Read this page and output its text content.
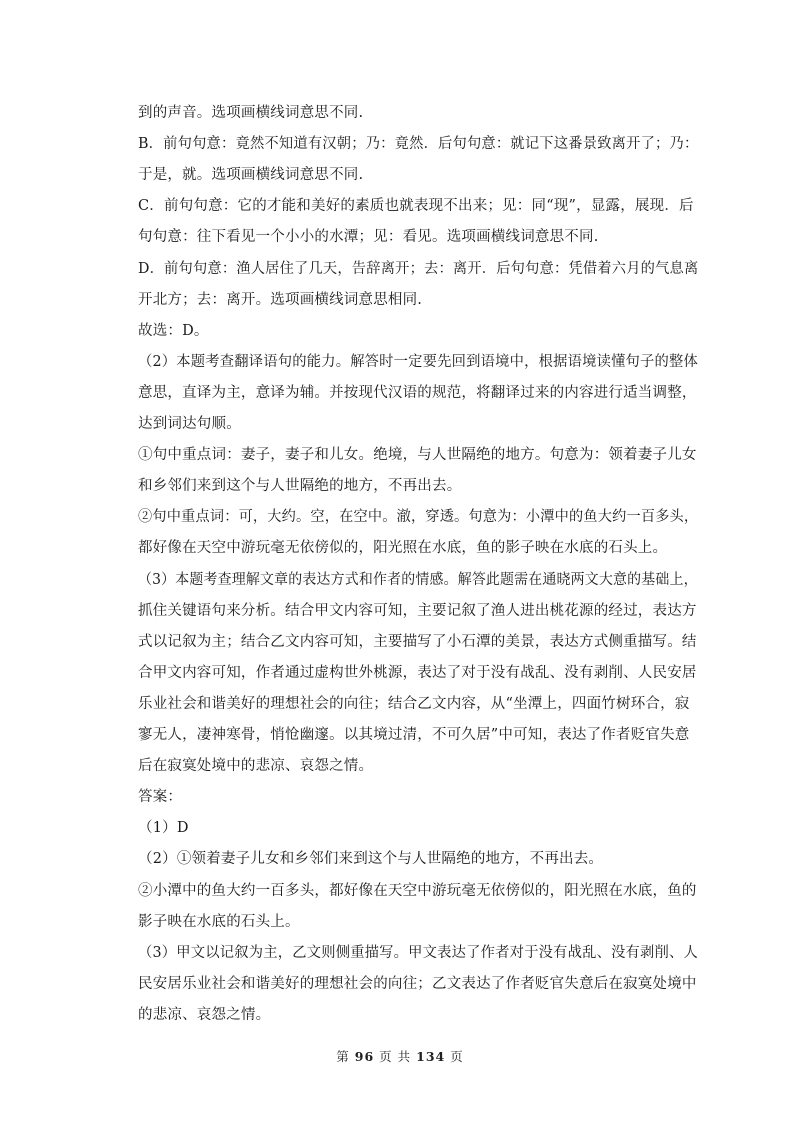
到的声音。选项画横线词意思不同.
B．前句句意：竟然不知道有汉朝；乃：竟然．后句句意：就记下这番景致离开了；乃：
于是，就。选项画横线词意思不同.
C．前句句意：它的才能和美好的素质也就表现不出来；见：同“现”，显露，展现．后
句句意：往下看见一个小小的水潭；见：看见。选项画横线词意思不同.
D．前句句意：渔人居住了几天，告辞离开；去：离开．后句句意：凭借着六月的气息离
开北方；去：离开。选项画横线词意思相同.
故选：D。
（2）本题考查翻译语句的能力。解答时一定要先回到语境中，根据语境读懂句子的整体
意思，直译为主，意译为辅。并按现代汉语的规范，将翻译过来的内容进行适当调整，
达到词达句顺。
①句中重点词：妻子，妻子和儿女。绝境，与人世隔绝的地方。句意为：领着妻子儿女
和乡邻们来到这个与人世隔绝的地方，不再出去。
②句中重点词：可，大约。空，在空中。澈，穿透。句意为：小潭中的鱼大约一百多头，
都好像在天空中游玩毫无依傍似的，阳光照在水底，鱼的影子映在水底的石头上。
（3）本题考查理解文章的表达方式和作者的情感。解答此题需在通晓两文大意的基础上，
抓住关键语句来分析。结合甲文内容可知，主要记叙了渔人进出桃花源的经过，表达方
式以记叙为主；结合乙文内容可知，主要描写了小石潭的美景，表达方式侧重描写。结
合甲文内容可知，作者通过虚构世外桃源，表达了对于没有战乱、没有剥削、人民安居
乐业社会和谐美好的理想社会的向往；结合乙文内容，从“坐潭上，四面竹树环合，寂
寥无人，凄神寒骨，悄怆幽邃。以其境过清，不可久居”中可知，表达了作者贬官失意
后在寂寞处境中的悲凉、哀怨之情。
答案：
（1）D
（2）①领着妻子儿女和乡邻们来到这个与人世隔绝的地方，不再出去。
②小潭中的鱼大约一百多头，都好像在天空中游玩毫无依傍似的，阳光照在水底，鱼的
影子映在水底的石头上。
（3）甲文以记叙为主，乙文则侧重描写。甲文表达了作者对于没有战乱、没有剥削、人
民安居乐业社会和谐美好的理想社会的向往；乙文表达了作者贬官失意后在寂寞处境中
的悲凉、哀怨之情。
第 96 页 共 134 页
